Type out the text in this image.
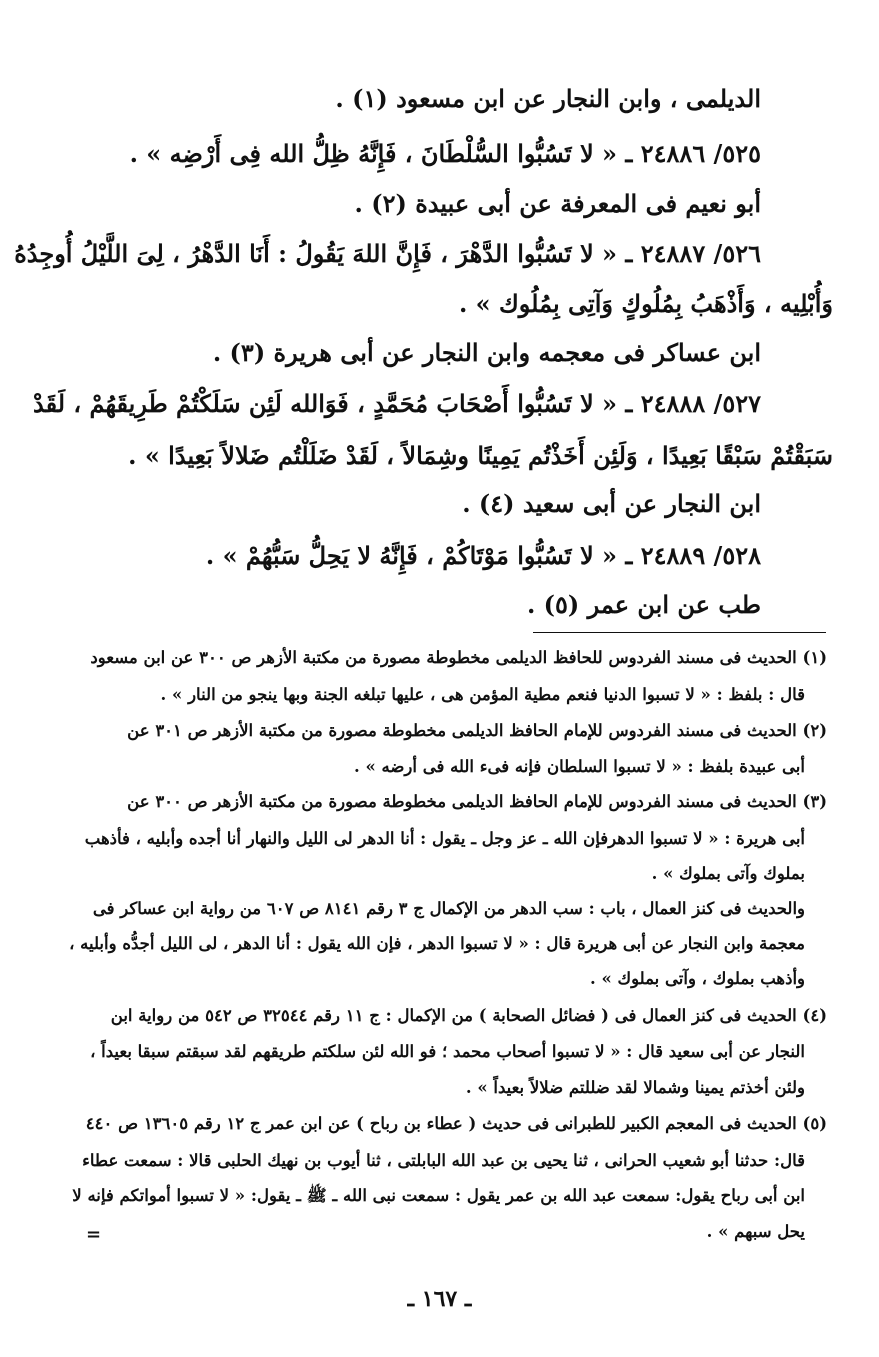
الديلمى ، وابن النجار عن ابن مسعود (١) .

٥٢٥/ ٢٤٨٨٦ ـ « لا تَسُبُّوا السُّلْطَانَ ، فَإِنَّهُ ظِلُّ الله فِى أَرْضِه » .

أبو نعيم فى المعرفة عن أبى عبيدة (٢) .

٥٢٦/ ٢٤٨٨٧ ـ « لا تَسُبُّوا الدَّهْرَ ، فَإِنَّ اللهَ يَقُولُ : أَنَا الدَّهْرُ ، لِىَ اللَّيْلُ أُوجِدُهُ

وَأُبْلِيه ، وَأَذْهَبُ بِمُلُوكٍ وَآتِى بِمُلُوك » .

ابن عساكر فى معجمه وابن النجار عن أبى هريرة (٣) .

٥٢٧/ ٢٤٨٨٨ ـ « لا تَسُبُّوا أَصْحَابَ مُحَمَّدٍ ، فَوَالله لَئِن سَلَكْتُمْ طَرِيقَهُمْ ، لَقَدْ

سَبَقْتُمْ سَبْقًا بَعِيدًا ، وَلَئِن أَخَذْتُم يَمِينًا وشِمَالاً ، لَقَدْ ضَلَلْتُم ضَلالاً بَعِيدًا » .

ابن النجار عن أبى سعيد (٤) .

٥٢٨/ ٢٤٨٨٩ ـ « لا تَسُبُّوا مَوْتَاكُمْ ، فَإِنَّهُ لا يَحِلُّ سَبُّهُمْ » .

طب عن ابن عمر (٥) .

(١) الحديث فى مسند الفردوس للحافظ الديلمى مخطوطة مصورة من مكتبة الأزهر ص ٣٠٠ عن ابن مسعود

قال : بلفظ : « لا تسبوا الدنيا فنعم مطية المؤمن هى ، عليها تبلغه الجنة وبها ينجو من النار » .

(٢) الحديث فى مسند الفردوس للإمام الحافظ الديلمى مخطوطة مصورة من مكتبة الأزهر ص ٣٠١ عن

أبى عبيدة بلفظ : « لا تسبوا السلطان فإنه فىء الله فى أرضه » .

(٣) الحديث فى مسند الفردوس للإمام الحافظ الديلمى مخطوطة مصورة من مكتبة الأزهر ص ٣٠٠ عن

أبى هريرة : « لا تسبوا الدهرفإن الله ـ عز وجل ـ يقول : أنا الدهر لى الليل والنهار أنا أجده وأبليه ، فأذهب

بملوك وآتى بملوك » .

والحديث فى كنز العمال ، باب : سب الدهر من الإكمال ج ٣ رقم ٨١٤١ ص ٦٠٧ من رواية ابن عساكر فى

معجمة وابن النجار عن أبى هريرة قال : « لا تسبوا الدهر ، فإن الله يقول : أنا الدهر ، لى الليل أجدُّه وأبليه ،

وأذهب بملوك ، وآتى بملوك » .

(٤) الحديث فى كنز العمال فى ( فضائل الصحابة ) من الإكمال : ج ١١ رقم ٣٢٥٤٤ ص ٥٤٢ من رواية ابن

النجار عن أبى سعيد قال : « لا تسبوا أصحاب محمد ؛ فو الله لئن سلكتم طريقهم لقد سبقتم سبقا بعيداً ،

ولئن أخذتم يمينا وشمالا لقد ضللتم ضلالاً بعيداً » .

(٥) الحديث فى المعجم الكبير للطبرانى فى حديث ( عطاء بن رباح ) عن ابن عمر ج ١٢ رقم ١٣٦٠٥ ص ٤٤٠

قال: حدثنا أبو شعيب الحرانى ، ثنا يحيى بن عبد الله البابلتى ، ثنا أيوب بن نهيك الحلبى قالا : سمعت عطاء

ابن أبى رباح يقول: سمعت عبد الله بن عمر يقول : سمعت نبى الله ـ ﷺ ـ يقول: « لا تسبوا أمواتكم فإنه لا

يحل سبهم » .

=
ـ ١٦٧ ـ
